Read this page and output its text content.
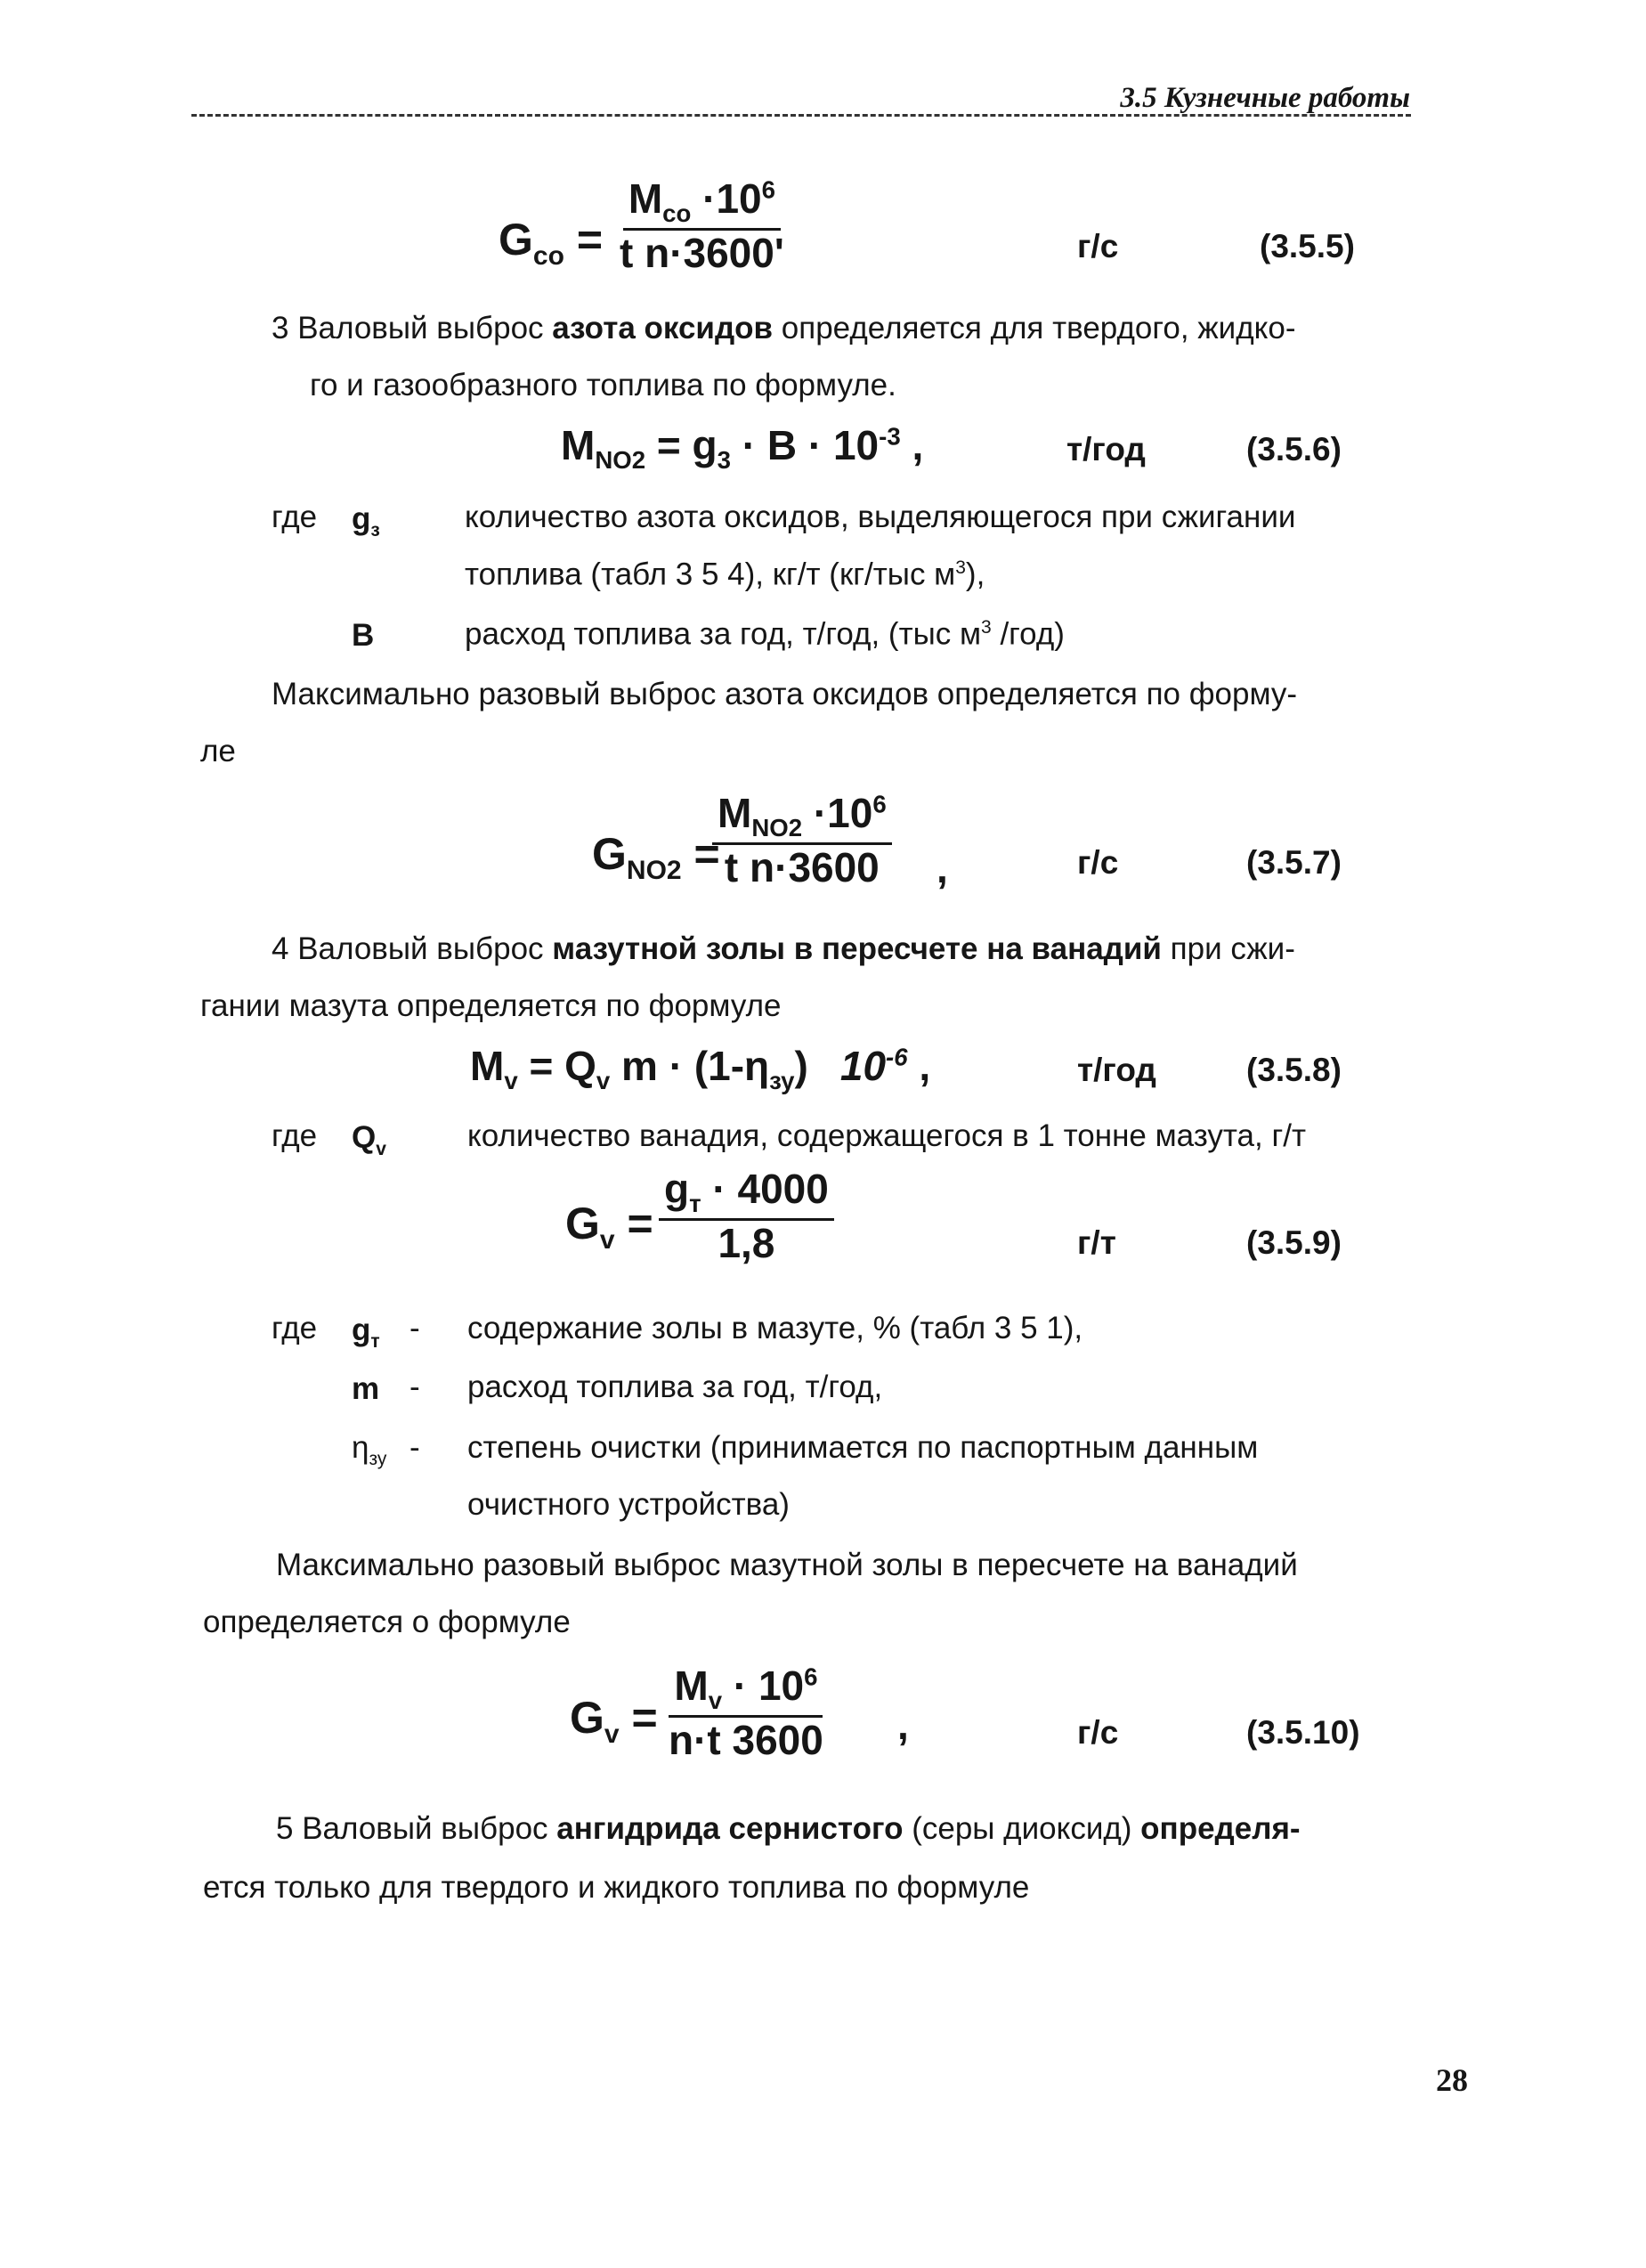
3.5 Кузнечные работы
$G_{co}$ =
$M_{co} \cdot 10^6$
t n·3600'	г/с	(3.5.5)
3 Валовый выброс азота оксидов определяется для твердого, жидко-
го и газообразного топлива по формуле.
$M_{NO2} = g_3 \cdot B \cdot 10^{-3}$ ,	т/год	(3.5.6)
где $g_з$	количество азота оксидов, выделяющегося при сжигании
топлива (табл 3 5 4), кг/т (кг/тыс $м^3$),
B	расход топлива за год, т/год, (тыс $м^3$ /год)
Максимально разовый выброс азота оксидов определяется по форму-
ле
$G_{NO2}$ =
$M_{NO2} \cdot 10^6$
t n·3600 ,	г/с	(3.5.7)
4 Валовый выброс мазутной золы в пересчете на ванадий при сжи-
гании мазута определяется по формуле
$M_v = Q_v$ $m \cdot (1-\eta_{зу})$ $10^{-6}$ ,	т/год	(3.5.8)
где $Q_v$	количество ванадия, содержащегося в 1 тонне мазута, г/т
$G_v$ =
$g_т \cdot 4000$
1,8	г/т	(3.5.9)
где $g_т$ - содержание золы в мазуте, % (табл 3 5 1),
m - расход топлива за год, т/год,
$\eta_{зу}$ - степень очистки (принимается по паспортным данным
очистного устройства)
Максимально разовый выброс мазутной золы в пересчете на ванадий
определяется о формуле
$G_v = \frac{M_v \cdot 10^6}{n\cdot t 3600}$ ,	г/с	(3.5.10)
5 Валовый выброс ангидрида сернистого (серы диоксид) определя-
ется только для твердого и жидкого топлива по формуле
28
